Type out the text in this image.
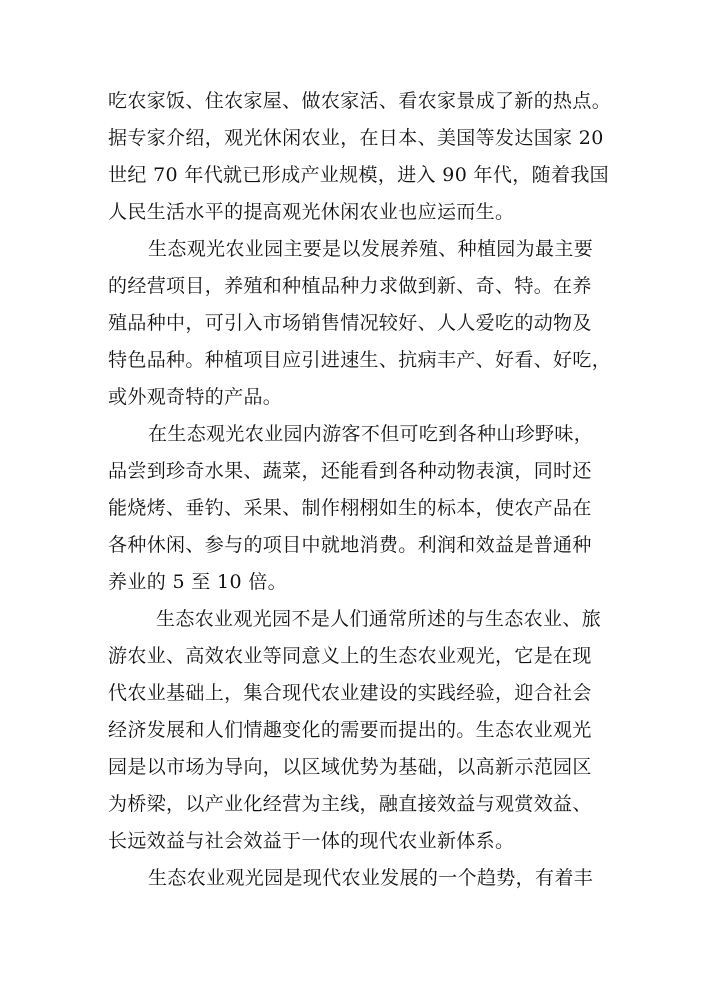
吃农家饭、住农家屋、做农家活、看农家景成了新的热点。
据专家介绍，观光休闲农业，在日本、美国等发达国家 20
世纪 70 年代就已形成产业规模，进入 90 年代，随着我国
人民生活水平的提高观光休闲农业也应运而生。
生态观光农业园主要是以发展养殖、种植园为最主要
的经营项目，养殖和种植品种力求做到新、奇、特。在养
殖品种中，可引入市场销售情况较好、人人爱吃的动物及
特色品种。种植项目应引进速生、抗病丰产、好看、好吃，
或外观奇特的产品。
在生态观光农业园内游客不但可吃到各种山珍野味，
品尝到珍奇水果、蔬菜，还能看到各种动物表演，同时还
能烧烤、垂钓、采果、制作栩栩如生的标本，使农产品在
各种休闲、参与的项目中就地消费。利润和效益是普通种
养业的 5 至 10 倍。
生态农业观光园不是人们通常所述的与生态农业、旅
游农业、高效农业等同意义上的生态农业观光，它是在现
代农业基础上，集合现代农业建设的实践经验，迎合社会
经济发展和人们情趣变化的需要而提出的。生态农业观光
园是以市场为导向，以区域优势为基础，以高新示范园区
为桥梁，以产业化经营为主线，融直接效益与观赏效益、
长远效益与社会效益于一体的现代农业新体系。
生态农业观光园是现代农业发展的一个趋势，有着丰
